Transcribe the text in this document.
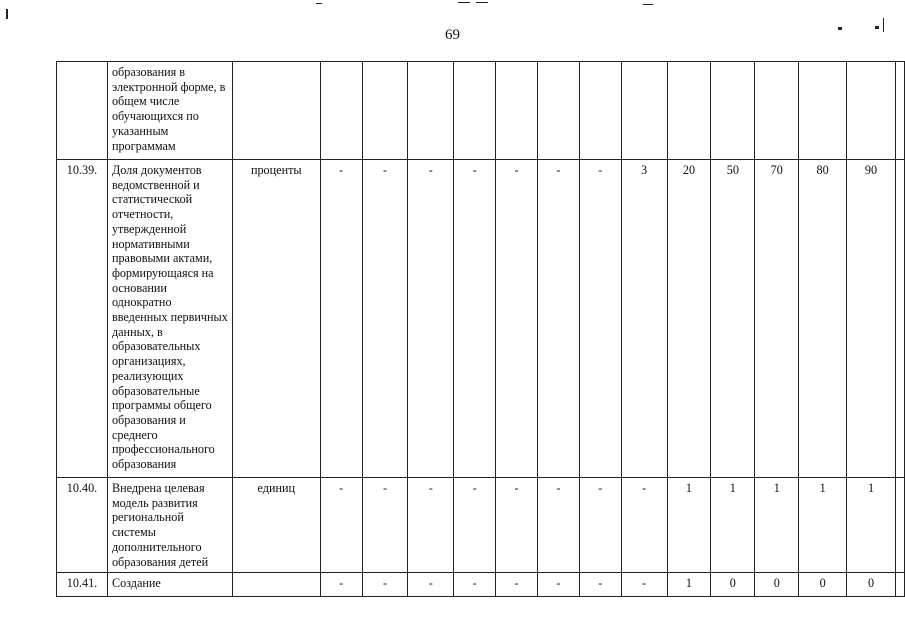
69
	образования в электронной форме, в общем числе обучающихся по указанным программам															
10.39.	Доля документов ведомственной и статистической отчетности, утвержденной нормативными правовыми актами, формирующаяся на основании однократно введенных первичных данных, в образовательных организациях, реализующих образовательные программы общего образования и среднего профессионального образования	проценты	-	-	-	-	-	-	-	3	20	50	70	80	90	
10.40.	Внедрена целевая модель развития региональной системы дополнительного образования детей	единиц	-	-	-	-	-	-	-	-	1	1	1	1	1	
10.41.	Создание		-	-	-	-	-	-	-	-	1	0	0	0	0	
